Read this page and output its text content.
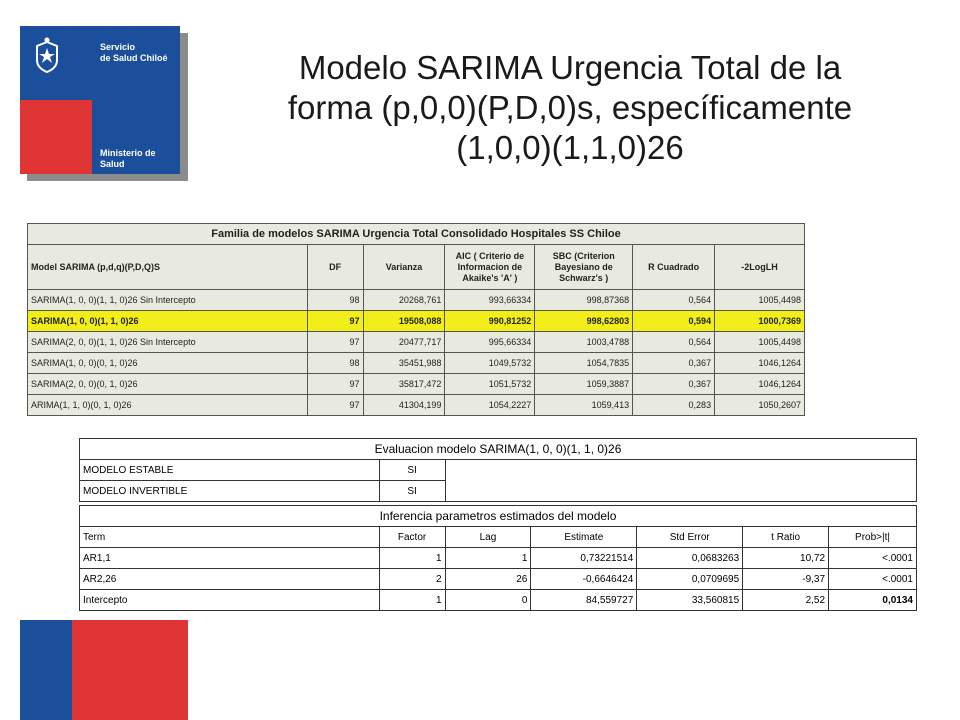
Servicio
de Salud Chiloé
Ministerio de
Salud
Modelo SARIMA Urgencia Total de la
forma (p,0,0)(P,D,0)s, específicamente
(1,0,0)(1,1,0)26
Familia de modelos SARIMA Urgencia Total Consolidado Hospitales SS Chiloe						
Model SARIMA (p,d,q)(P,D,Q)S	DF	Varianza	AIC ( Criterio de Informacion de Akaike's 'A' )	SBC (Criterion Bayesiano de Schwarz's )	R Cuadrado	-2LogLH
SARIMA(1, 0, 0)(1, 1, 0)26 Sin Intercepto	98	20268,761	993,66334	998,87368	0,564	1005,4498
SARIMA(1, 0, 0)(1, 1, 0)26	97	19508,088	990,81252	998,62803	0,594	1000,7369
SARIMA(2, 0, 0)(1, 1, 0)26 Sin Intercepto	97	20477,717	995,66334	1003,4788	0,564	1005,4498
SARIMA(1, 0, 0)(0, 1, 0)26	98	35451,988	1049,5732	1054,7835	0,367	1046,1264
SARIMA(2, 0, 0)(0, 1, 0)26	97	35817,472	1051,5732	1059,3887	0,367	1046,1264
ARIMA(1, 1, 0)(0, 1, 0)26	97	41304,199	1054,2227	1059,413	0,283	1050,2607
Evaluacion modelo SARIMA(1, 0, 0)(1, 1, 0)26						
MODELO ESTABLE	SI					
MODELO INVERTIBLE	SI					

Inferencia parametros estimados del modelo						
Term	Factor	Lag	Estimate	Std Error	t Ratio	Prob>|t|
AR1,1	1	1	0,73221514	0,0683263	10,72	<.0001
AR2,26	2	26	-0,6646424	0,0709695	-9,37	<.0001
Intercepto	1	0	84,559727	33,560815	2,52	0,0134
